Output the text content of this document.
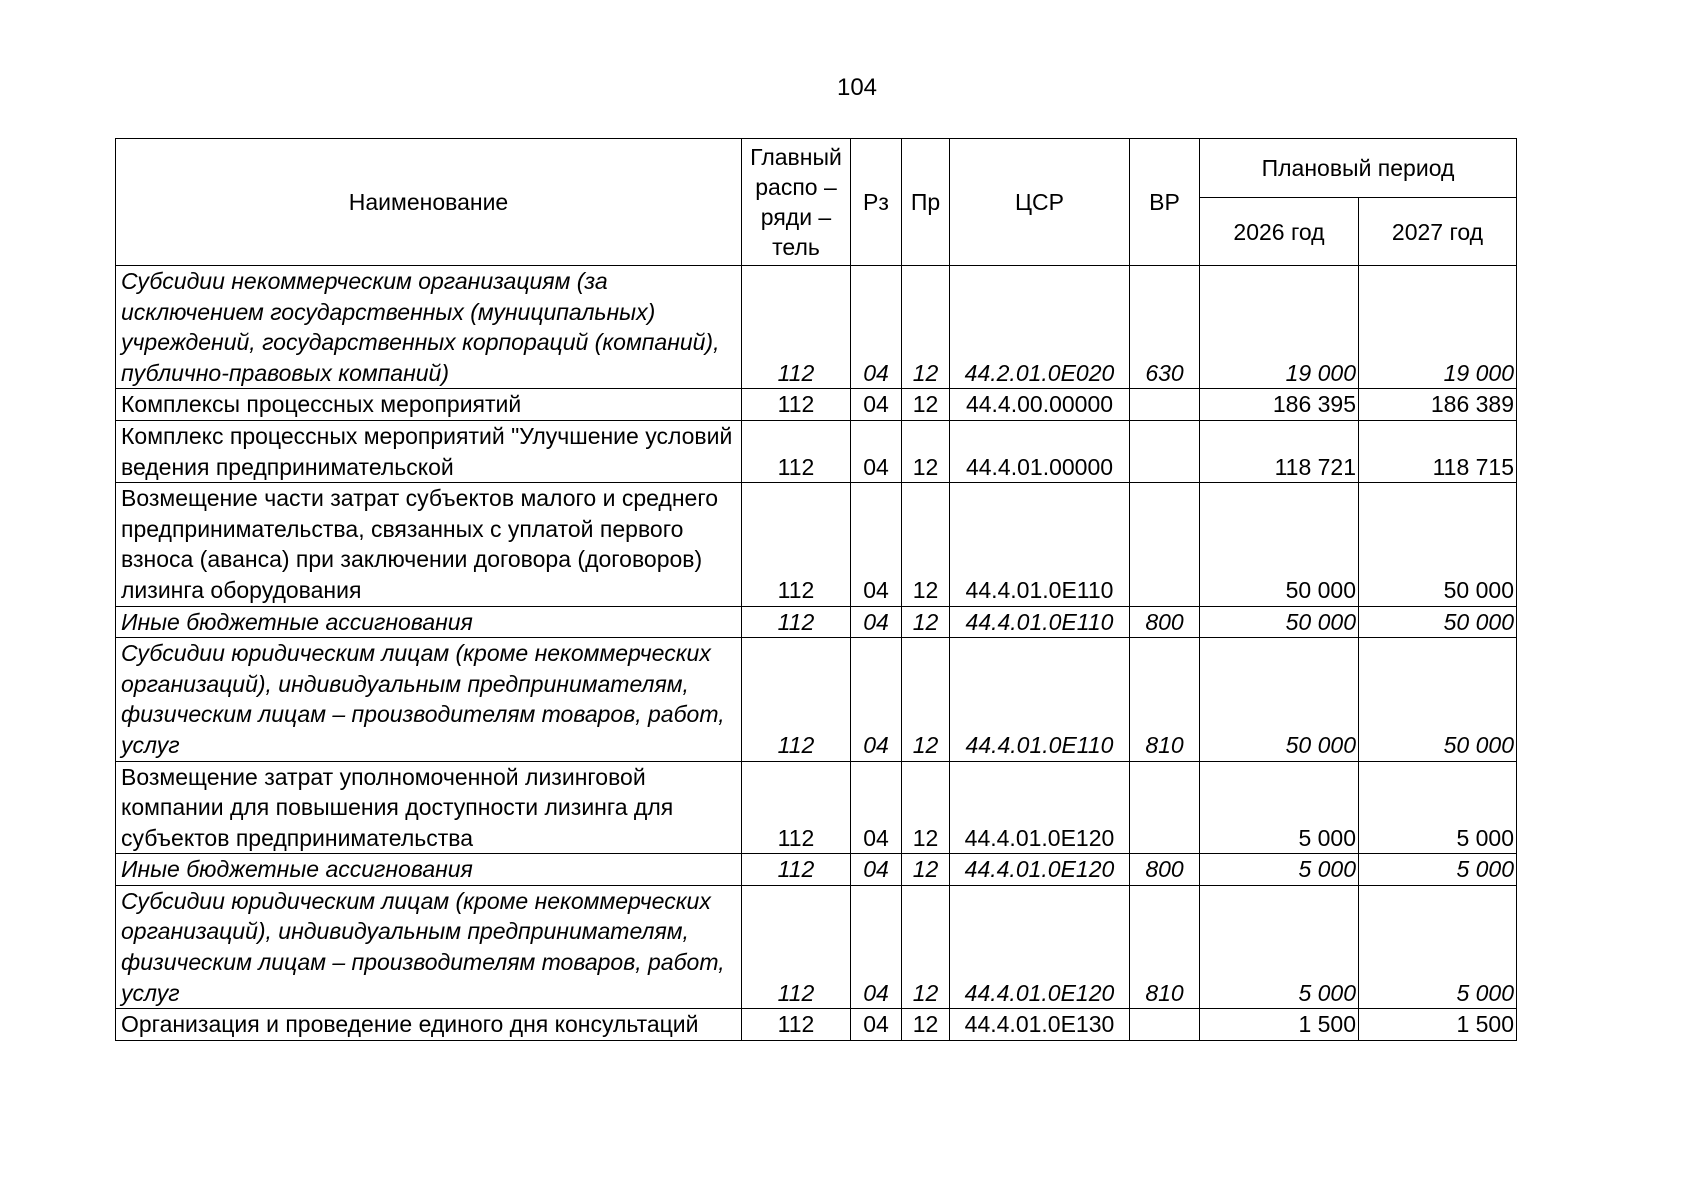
104
Наименование	Главный
распо –
ряди –
тель	Рз	Пр	ЦСР	ВР	Плановый период	
						2026 год	2027 год
Субсидии некоммерческим организациям (за исключением государственных (муниципальных) учреждений, государственных корпораций (компаний), публично-правовых компаний)	112	04	12	44.2.01.0Е020	630	19 000	19 000
Комплексы процессных мероприятий	112	04	12	44.4.00.00000		186 395	186 389
Комплекс процессных мероприятий "Улучшение условий ведения предпринимательской	112	04	12	44.4.01.00000		118 721	118 715
Возмещение части затрат субъектов малого и среднего предпринимательства, связанных с уплатой первого взноса (аванса) при заключении договора (договоров) лизинга оборудования	112	04	12	44.4.01.0Е110		50 000	50 000
Иные бюджетные ассигнования	112	04	12	44.4.01.0Е110	800	50 000	50 000
Субсидии юридическим лицам (кроме некоммерческих организаций), индивидуальным предпринимателям, физическим лицам – производителям товаров, работ, услуг	112	04	12	44.4.01.0Е110	810	50 000	50 000
Возмещение затрат уполномоченной лизинговой компании для повышения доступности лизинга для субъектов предпринимательства	112	04	12	44.4.01.0Е120		5 000	5 000
Иные бюджетные ассигнования	112	04	12	44.4.01.0Е120	800	5 000	5 000
Субсидии юридическим лицам (кроме некоммерческих организаций), индивидуальным предпринимателям, физическим лицам – производителям товаров, работ, услуг	112	04	12	44.4.01.0Е120	810	5 000	5 000
Организация и проведение единого дня консультаций	112	04	12	44.4.01.0Е130		1 500	1 500
